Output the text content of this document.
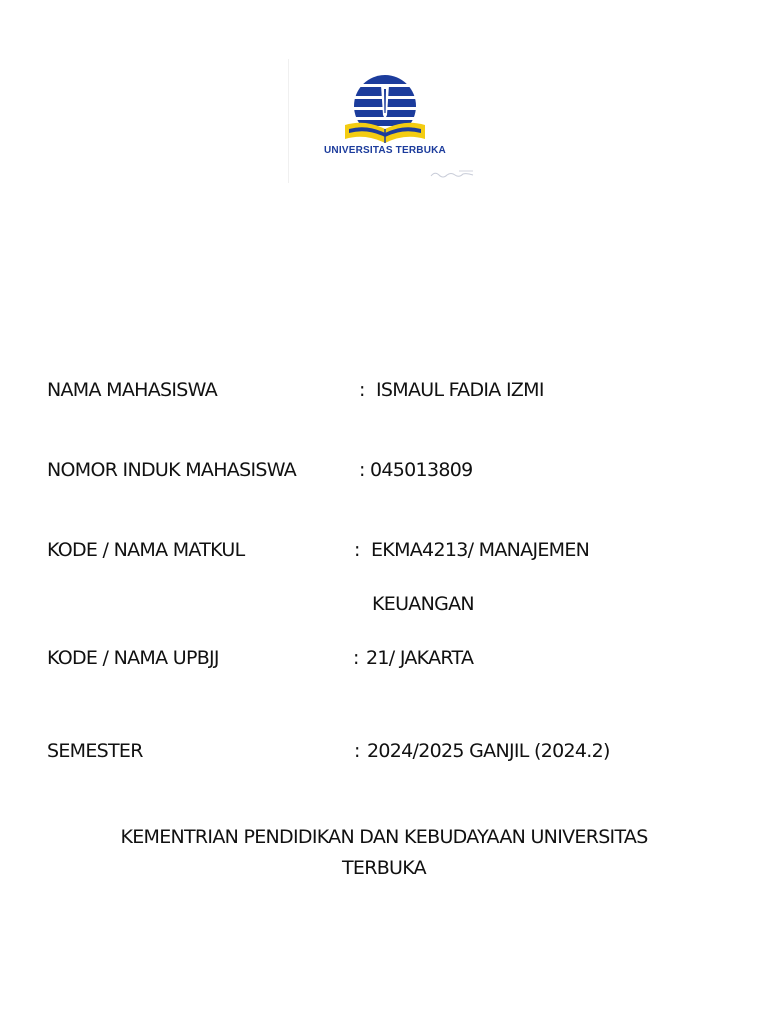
UNIVERSITAS TERBUKA
NAMA MAHASISWA	: ISMAUL FADIA IZMI
NOMOR INDUK MAHASISWA	: 045013809
KODE / NAMA MATKUL	: EKMA4213/ MANAJEMEN
KEUANGAN
KODE / NAMA UPBJJ	: 21/ JAKARTA
SEMESTER	: 2024/2025 GANJIL (2024.2)
KEMENTRIAN PENDIDIKAN DAN KEBUDAYAAN UNIVERSITAS
TERBUKA
